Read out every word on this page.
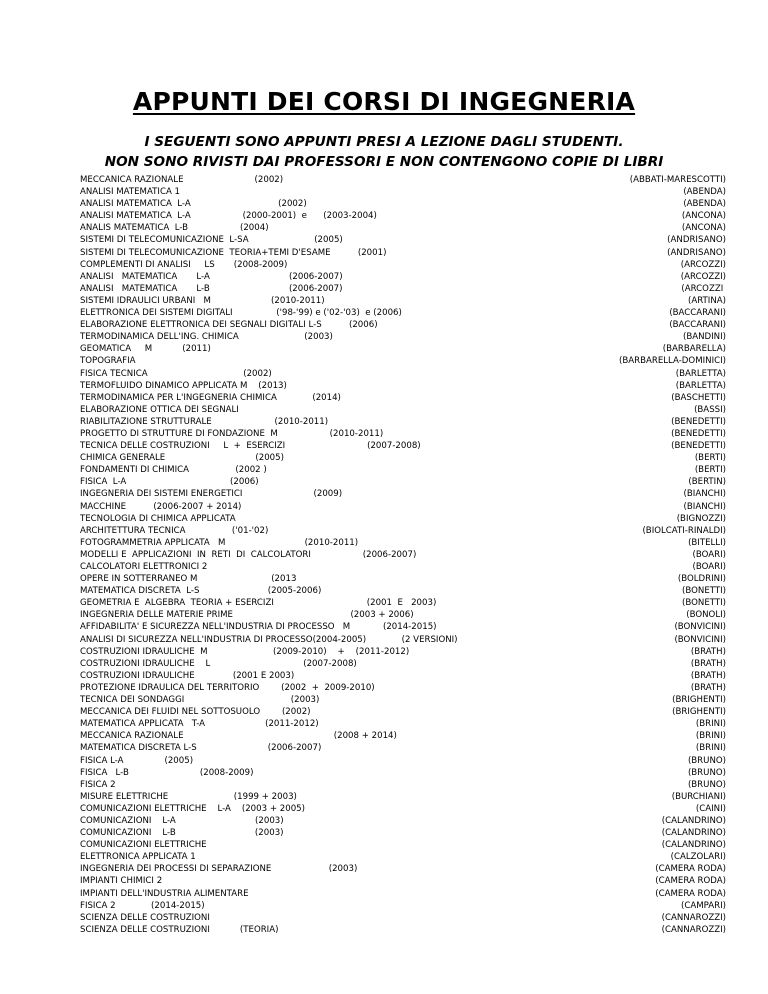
APPUNTI DEI CORSI DI INGEGNERIA

I SEGUENTI SONO APPUNTI PRESI A LEZIONE DAGLI STUDENTI.

NON SONO RIVISTI DAI PROFESSORI E NON CONTENGONO COPIE DI LIBRI

MECCANICA RAZIONALE                          (2002)	(ABBATI-MARESCOTTI)
ANALISI MATEMATICA 1	(ABENDA)
ANALISI MATEMATICA  L-A                                (2002)	(ABENDA)
ANALISI MATEMATICA  L-A                   (2000-2001)  e      (2003-2004)	(ANCONA)
ANALIS MATEMATICA  L-B                   (2004)	(ANCONA)
SISTEMI DI TELECOMUNICAZIONE  L-SA                        (2005)	(ANDRISANO)
SISTEMI DI TELECOMUNICAZIONE  TEORIA+TEMI D'ESAME          (2001)	(ANDRISANO)
COMPLEMENTI DI ANALISI     LS       (2008-2009)	(ARCOZZI)
ANALISI   MATEMATICA       L-A                             (2006-2007)	(ARCOZZI)
ANALISI   MATEMATICA       L-B                             (2006-2007)	(ARCOZZI
SISTEMI IDRAULICI URBANI   M                      (2010-2011)	(ARTINA)
ELETTRONICA DEI SISTEMI DIGITALI                ('98-'99) e ('02-'03)  e (2006)	(BACCARANI)
ELABORAZIONE ELETTRONICA DEI SEGNALI DIGITALI L-S          (2006)	(BACCARANI)
TERMODINAMICA DELL'ING. CHIMICA                        (2003)	(BANDINI)
GEOMATICA     M           (2011)	(BARBARELLA)
TOPOGRAFIA	(BARBARELLA-DOMINICI)
FISICA TECNICA                                   (2002)	(BARLETTA)
TERMOFLUIDO DINAMICO APPLICATA M    (2013)	(BARLETTA)
TERMODINAMICA PER L'INGEGNERIA CHIMICA             (2014)	(BASCHETTI)
ELABORAZIONE OTTICA DEI SEGNALI	(BASSI)
RIABILITAZIONE STRUTTURALE                       (2010-2011)	(BENEDETTI)
PROGETTO DI STRUTTURE DI FONDAZIONE  M                   (2010-2011)	(BENEDETTI)
TECNICA DELLE COSTRUZIONI     L  +  ESERCIZI                              (2007-2008)	(BENEDETTI)
CHIMICA GENERALE                                 (2005)	(BERTI)
FONDAMENTI DI CHIMICA                 (2002 )	(BERTI)
FISICA  L-A                                      (2006)	(BERTIN)
INGEGNERIA DEI SISTEMI ENERGETICI                          (2009)	(BIANCHI)
MACCHINE          (2006-2007 + 2014)	(BIANCHI)
TECNOLOGIA DI CHIMICA APPLICATA	(BIGNOZZI)
ARCHITETTURA TECNICA                 ('01-'02)	(BIOLCATI-RINALDI)
FOTOGRAMMETRIA APPLICATA   M                             (2010-2011)	(BITELLI)
MODELLI E  APPLICAZIONI  IN  RETI  DI  CALCOLATORI                   (2006-2007)	(BOARI)
CALCOLATORI ELETTRONICI 2	(BOARI)
OPERE IN SOTTERRANEO M                           (2013	(BOLDRINI)
MATEMATICA DISCRETA  L-S                         (2005-2006)	(BONETTI)
GEOMETRIA E  ALGEBRA  TEORIA + ESERCIZI                                  (2001  E   2003)	(BONETTI)
INGEGNERIA DELLE MATERIE PRIME                                           (2003 + 2006)	(BONOLI)
AFFIDABILITA' E SICUREZZA NELL'INDUSTRIA DI PROCESSO   M            (2014-2015)	(BONVICINI)
ANALISI DI SICUREZZA NELL'INDUSTRIA DI PROCESSO(2004-2005)             (2 VERSIONI)	(BONVICINI)
COSTRUZIONI IDRAULICHE  M                        (2009-2010)    +    (2011-2012)	(BRATH)
COSTRUZIONI IDRAULICHE    L                                  (2007-2008)	(BRATH)
COSTRUZIONI IDRAULICHE              (2001 E 2003)	(BRATH)
PROTEZIONE IDRAULICA DEL TERRITORIO        (2002  +  2009-2010)	(BRATH)
TECNICA DEI SONDAGGI                                       (2003)	(BRIGHENTI)
MECCANICA DEI FLUIDI NEL SOTTOSUOLO        (2002)	(BRIGHENTI)
MATEMATICA APPLICATA   T-A                      (2011-2012)	(BRINI)
MECCANICA RAZIONALE                                                       (2008 + 2014)	(BRINI)
MATEMATICA DISCRETA L-S                          (2006-2007)	(BRINI)
FISICA L-A               (2005)	(BRUNO)
FISICA   L-B                          (2008-2009)	(BRUNO)
FISICA 2	(BRUNO)
MISURE ELETTRICHE                        (1999 + 2003)	(BURCHIANI)
COMUNICAZIONI ELETTRICHE    L-A    (2003 + 2005)	(CAINI)
COMUNICAZIONI    L-A                             (2003)	(CALANDRINO)
COMUNICAZIONI    L-B                             (2003)	(CALANDRINO)
COMUNICAZIONI ELETTRICHE	(CALANDRINO)
ELETTRONICA APPLICATA 1	(CALZOLARI)
INGEGNERIA DEI PROCESSI DI SEPARAZIONE                     (2003)	(CAMERA RODA)
IMPIANTI CHIMICI 2	(CAMERA RODA)
IMPIANTI DELL'INDUSTRIA ALIMENTARE	(CAMERA RODA)
FISICA 2             (2014-2015)	(CAMPARI)
SCIENZA DELLE COSTRUZIONI	(CANNAROZZI)
SCIENZA DELLE COSTRUZIONI           (TEORIA)	(CANNAROZZI)
